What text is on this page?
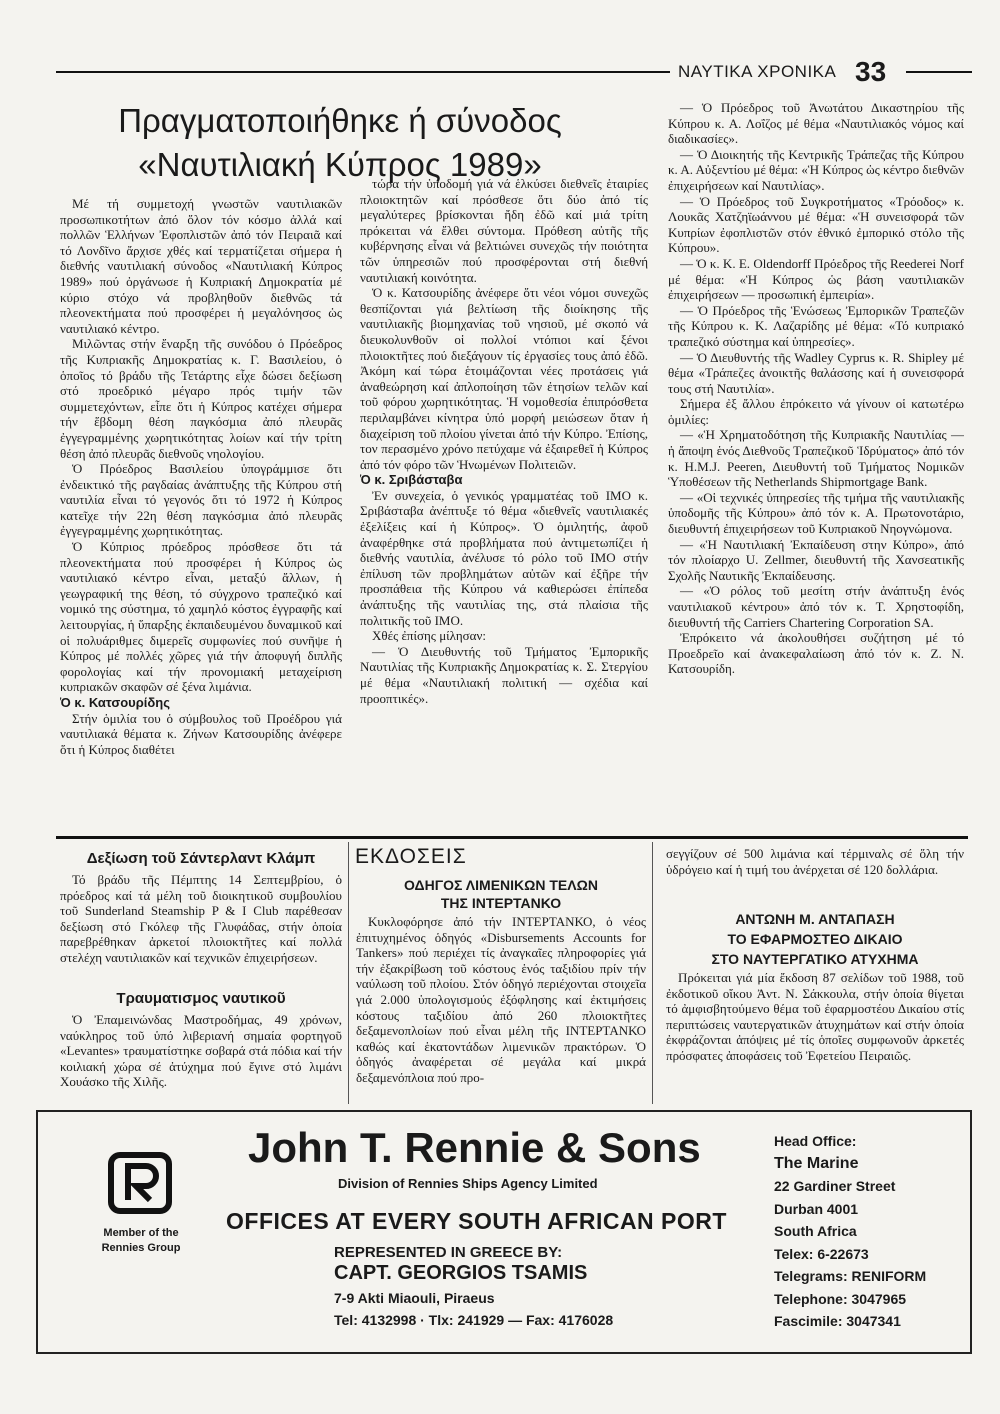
ΝΑΥΤΙΚΑ ΧΡΟΝΙΚΑ 33
Πραγματοποιήθηκε ή σύνοδος
«Ναυτιλιακή Κύπρος 1989»

Μέ τή συμμετοχή γνωστῶν ναυτιλιακῶν προσωπικοτήτων ἀπό ὅλον τόν κόσμο ἀλλά καί πολλῶν Ἑλλήνων Ἐφοπλιστῶν ἀπό τόν Πειραιᾶ καί τό Λονδῖνο ἄρχισε χθές καί τερματίζεται σήμερα ἡ διεθνής ναυτιλιακή σύνοδος «Ναυτιλιακή Κύπρος 1989» πού ὀργάνωσε ἡ Κυπριακή Δημοκρατία μέ κύριο στόχο νά προβληθοῦν διεθνῶς τά πλεονεκτήματα πού προσφέρει ἡ μεγαλόνησος ὡς ναυτιλιακό κέντρο.

Μιλῶντας στήν ἔναρξη τῆς συνόδου ὁ Πρόεδρος τῆς Κυπριακῆς Δημοκρατίας κ. Γ. Βασιλείου, ὁ ὁποῖος τό βράδυ τῆς Τετάρτης εἶχε δώσει δεξίωση στό προεδρικό μέγαρο πρός τιμήν τῶν συμμετεχόντων, εἶπε ὅτι ἡ Κύπρος κατέχει σήμερα τήν ἕβδομη θέση παγκόσμια ἀπό πλευρᾶς ἐγγεγραμμένης χωρητικότητας λοίων καί τήν τρίτη θέση ἀπό πλευρᾶς διεθνοῦς νηολογίου.

Ὁ Πρόεδρος Βασιλείου ὑπογράμμισε ὅτι ἐνδεικτικό τῆς ραγδαίας ἀνάπτυξης τῆς Κύπρου στή ναυτιλία εἶναι τό γεγονός ὅτι τό 1972 ἡ Κύπρος κατεῖχε τήν 22η θέση παγκόσμια ἀπό πλευρᾶς ἐγγεγραμμένης χωρητικότητας.

Ὁ Κύπριος πρόεδρος πρόσθεσε ὅτι τά πλεονεκτήματα πού προσφέρει ἡ Κύπρος ὡς ναυτιλιακό κέντρο εἶναι, μεταξύ ἄλλων, ἡ γεωγραφική της θέση, τό σύγχρονο τραπεζικό καί νομικό της σύστημα, τό χαμηλό κόστος ἐγγραφῆς καί λειτουργίας, ἡ ὕπαρξης ἐκπαιδευμένου δυναμικοῦ καί οἱ πολυάριθμες διμερεῖς συμφωνίες πού συνῆψε ἡ Κύπρος μέ πολλές χῶρες γιά τήν ἀποφυγή διπλῆς φορολογίας καί τήν προνομιακή μεταχείριση κυπριακῶν σκαφῶν σέ ξένα λιμάνια.

Ὁ κ. Κατσουρίδης

Στήν ὁμιλία του ὁ σύμβουλος τοῦ Προέδρου γιά ναυτιλιακά θέματα κ. Ζήνων Κατσουρίδης ἀνέφερε ὅτι ἡ Κύπρος διαθέτει

τώρα τήν ὑποδομή γιά νά ἑλκύσει διεθνεῖς ἑταιρίες πλοιοκτητῶν καί πρόσθεσε ὅτι δύο ἀπό τίς μεγαλύτερες βρίσκονται ἤδη ἐδῶ καί μιά τρίτη πρόκειται νά ἔλθει σύντομα. Πρόθεση αὐτῆς τῆς κυβέρνησης εἶναι νά βελτιώνει συνεχῶς τήν ποιότητα τῶν ὑπηρεσιῶν πού προσφέρονται στή διεθνή ναυτιλιακή κοινότητα.

Ὁ κ. Κατσουρίδης ἀνέφερε ὅτι νέοι νόμοι συνεχῶς θεσπίζονται γιά βελτίωση τῆς διοίκησης τῆς ναυτιλιακῆς βιομηχανίας τοῦ νησιοῦ, μέ σκοπό νά διευκολυνθοῦν οἱ πολλοί ντόπιοι καί ξένοι πλοιοκτῆτες πού διεξάγουν τίς ἐργασίες τους ἀπό ἐδῶ. Ἀκόμη καί τώρα ἑτοιμάζονται νέες προτάσεις γιά ἀναθεώρηση καί ἀπλοποίηση τῶν ἐτησίων τελῶν καί τοῦ φόρου χωρητικότητας. Ἡ νομοθεσία ἐπιπρόσθετα περιλαμβάνει κίνητρα ὑπό μορφή μειώσεων ὅταν ἡ διαχείριση τοῦ πλοίου γίνεται ἀπό τήν Κύπρο. Ἐπίσης, τον περασμένο χρόνο πετύχαμε νά ἐξαιρεθεῖ ἡ Κύπρος ἀπό τόν φόρο τῶν Ἡνωμένων Πολιτειῶν.

Ὁ κ. Σριβάσταβα

Ἐν συνεχεία, ὁ γενικός γραμματέας τοῦ IMO κ. Σριβάσταβα ἀνέπτυξε τό θέμα «διεθνεῖς ναυτιλιακές ἐξελίξεις καί ἡ Κύπρος». Ὁ ὁμιλητής, ἀφοῦ ἀναφέρθηκε στά προβλήματα πού ἀντιμετωπίζει ἡ διεθνής ναυτιλία, ἀνέλυσε τό ρόλο τοῦ IMO στήν ἐπίλυση τῶν προβλημάτων αὐτῶν καί ἐξῆρε τήν προσπάθεια τῆς Κύπρου νά καθιερώσει ἐπίπεδα ἀνάπτυξης τῆς ναυτιλίας της, στά πλαίσια τῆς πολιτικῆς τοῦ IMO.

Χθές ἐπίσης μίλησαν:

— Ὁ Διευθυντής τοῦ Τμήματος Ἐμπορικῆς Ναυτιλίας τῆς Κυπριακῆς Δημοκρατίας κ. Σ. Στεργίου μέ θέμα «Ναυτιλιακή πολιτική — σχέδια καί προοπτικές».

— Ὁ Πρόεδρος τοῦ Ἀνωτάτου Δικαστηρίου τῆς Κύπρου κ. Α. Λοΐζος μέ θέμα «Ναυτιλιακός νόμος καί διαδικασίες».

— Ὁ Διοικητής τῆς Κεντρικῆς Τράπεζας τῆς Κύπρου κ. Α. Αὐξεντίου μέ θέμα: «Ἡ Κύπρος ὡς κέντρο διεθνῶν ἐπιχειρήσεων καί Ναυτιλίας».

— Ὁ Πρόεδρος τοῦ Συγκροτήματος «Τρόοδος» κ. Λουκᾶς Χατζηϊωάννου μέ θέμα: «Ἡ συνεισφορά τῶν Κυπρίων ἐφοπλιστῶν στόν ἐθνικό ἐμπορικό στόλο τῆς Κύπρου».

— Ὁ κ. Κ. Ε. Oldendorff Πρόεδρος τῆς Reederei Norf μέ θέμα: «Ἡ Κύπρος ὡς βάση ναυτιλιακῶν ἐπιχειρήσεων — προσωπική ἐμπειρία».

— Ὁ Πρόεδρος τῆς Ἑνώσεως Ἐμπορικῶν Τραπεζῶν τῆς Κύπρου κ. Κ. Λαζαρίδης μέ θέμα: «Τό κυπριακό τραπεζικό σύστημα καί ὑπηρεσίες».

— Ὁ Διευθυντής τῆς Wadley Cyprus κ. R. Shipley μέ θέμα «Τράπεζες ἀνοικτῆς θαλάσσης καί ἡ συνεισφορά τους στή Ναυτιλία».

Σήμερα ἐξ ἄλλου ἐπρόκειτο νά γίνουν οἱ κατωτέρω ὁμιλίες:

— «Ἡ Χρηματοδότηση τῆς Κυπριακῆς Ναυτιλίας — ἡ ἄποψη ἑνός Διεθνοῦς Τραπεζικοῦ Ἱδρύματος» ἀπό τόν κ. H.M.J. Peeren, Διευθυντή τοῦ Τμήματος Νομικῶν Ὑποθέσεων τῆς Netherlands Shipmortgage Bank.

— «Οἱ τεχνικές ὑπηρεσίες τῆς τμήμα τῆς ναυτιλιακῆς ὑποδομῆς τῆς Κύπρου» ἀπό τόν κ. Α. Πρωτονοτάριο, διευθυντή ἐπιχειρήσεων τοῦ Κυπριακοῦ Νηογνώμονα.

— «Ἡ Ναυτιλιακή Ἐκπαίδευση στην Κύπρο», ἀπό τόν πλοίαρχο U. Zellmer, διευθυντή τῆς Χανσεατικῆς Σχολῆς Ναυτικῆς Ἐκπαίδευσης.

— «Ὁ ρόλος τοῦ μεσίτη στήν ἀνάπτυξη ἑνός ναυτιλιακοῦ κέντρου» ἀπό τόν κ. Τ. Χρηστοφίδη, διευθυντή τῆς Carriers Chartering Corporation SA.

Ἐπρόκειτο νά ἀκολουθήσει συζήτηση μέ τό Προεδρεῖο καί ἀνακεφαλαίωση ἀπό τόν κ. Ζ. Ν. Κατσουρίδη.

Δεξίωση τοῦ Σάντερλαντ Κλάμπ

Τό βράδυ τῆς Πέμπτης 14 Σεπτεμβρίου, ὁ πρόεδρος καί τά μέλη τοῦ διοικητικοῦ συμβουλίου τοῦ Sunderland Steamship P & I Club παρέθεσαν δεξίωση στό Γκόλεφ τῆς Γλυφάδας, στήν ὁποία παρεβρέθηκαν ἀρκετοί πλοιοκτῆτες καί πολλά στελέχη ναυτιλιακῶν καί τεχνικῶν ἐπιχειρήσεων.

Τραυματισμος ναυτικοῦ

Ὁ Ἐπαμεινώνδας Μαστροδήμας, 49 χρόνων, ναύκληρος τοῦ ὑπό λιβεριανή σημαία φορτηγοῦ «Levantes» τραυματίστηκε σοβαρά στά πόδια καί τήν κοιλιακή χώρα σέ ἀτύχημα πού ἔγινε στό λιμάνι Χουάσκο τῆς Χιλῆς.

ΕΚΔΟΣΕΙΣ
ΟΔΗΓΟΣ ΛΙΜΕΝΙΚΩΝ ΤΕΛΩΝ
ΤΗΣ ΙΝΤΕΡΤΑΝΚΟ

Κυκλοφόρησε ἀπό τήν ΙΝΤΕΡΤΑΝΚΟ, ὁ νέος ἐπιτυχημένος ὁδηγός «Disbursements Accounts for Tankers» πού περιέχει τίς ἀναγκαῖες πληροφορίες γιά τήν ἐξακρίβωση τοῦ κόστους ἑνός ταξιδίου πρίν τήν ναύλωση τοῦ πλοίου. Στόν ὁδηγό περιέχονται στοιχεῖα γιά 2.000 ὑπολογισμούς ἐξόφλησης καί ἐκτιμήσεις κόστους ταξιδίου ἀπό 260 πλοιοκτῆτες δεξαμενοπλοίων πού εἶναι μέλη τῆς ΙΝΤΕΡΤΑΝΚΟ καθώς καί ἑκατοντάδων λιμενικῶν πρακτόρων. Ὁ ὁδηγός ἀναφέρεται σέ μεγάλα καί μικρά δεξαμενόπλοια πού προ-

σεγγίζουν σέ 500 λιμάνια καί τέρμιναλς σέ ὅλη τήν ὑδρόγειο καί ἡ τιμή του ἀνέρχεται σέ 120 δολλάρια.

ΑΝΤΩΝΗ Μ. ΑΝΤΑΠΑΣΗ
ΤΟ ΕΦΑΡΜΟΣΤΕΟ ΔΙΚΑΙΟ
ΣΤΟ ΝΑΥΤΕΡΓΑΤΙΚΟ ΑΤΥΧΗΜΑ

Πρόκειται γιά μία ἔκδοση 87 σελίδων τοῦ 1988, τοῦ ἐκδοτικοῦ οἴκου Ἀντ. Ν. Σάκκουλα, στήν ὁποία θίγεται τό ἀμφισβητούμενο θέμα τοῦ ἐφαρμοστέου Δικαίου στίς περιπτώσεις ναυτεργατικῶν ἀτυχημάτων καί στήν ὁποία ἐκφράζονται ἀπόψεις μέ τίς ὁποῖες συμφωνοῦν ἀρκετές πρόσφατες ἀποφάσεις τοῦ Ἐφετείου Πειραιῶς.

Member of the
Rennies Group
John T. Rennie & Sons
Division of Rennies Ships Agency Limited
OFFICES AT EVERY SOUTH AFRICAN PORT
REPRESENTED IN GREECE BY:
CAPT. GEORGIOS TSAMIS
7-9 Akti Miaouli, Piraeus
Tel: 4132998 · Tlx: 241929 — Fax: 4176028
Head Office:
The Marine
22 Gardiner Street
Durban 4001
South Africa
Telex: 6-22673
Telegrams: RENIFORM
Telephone: 3047965
Fascimile: 3047341
